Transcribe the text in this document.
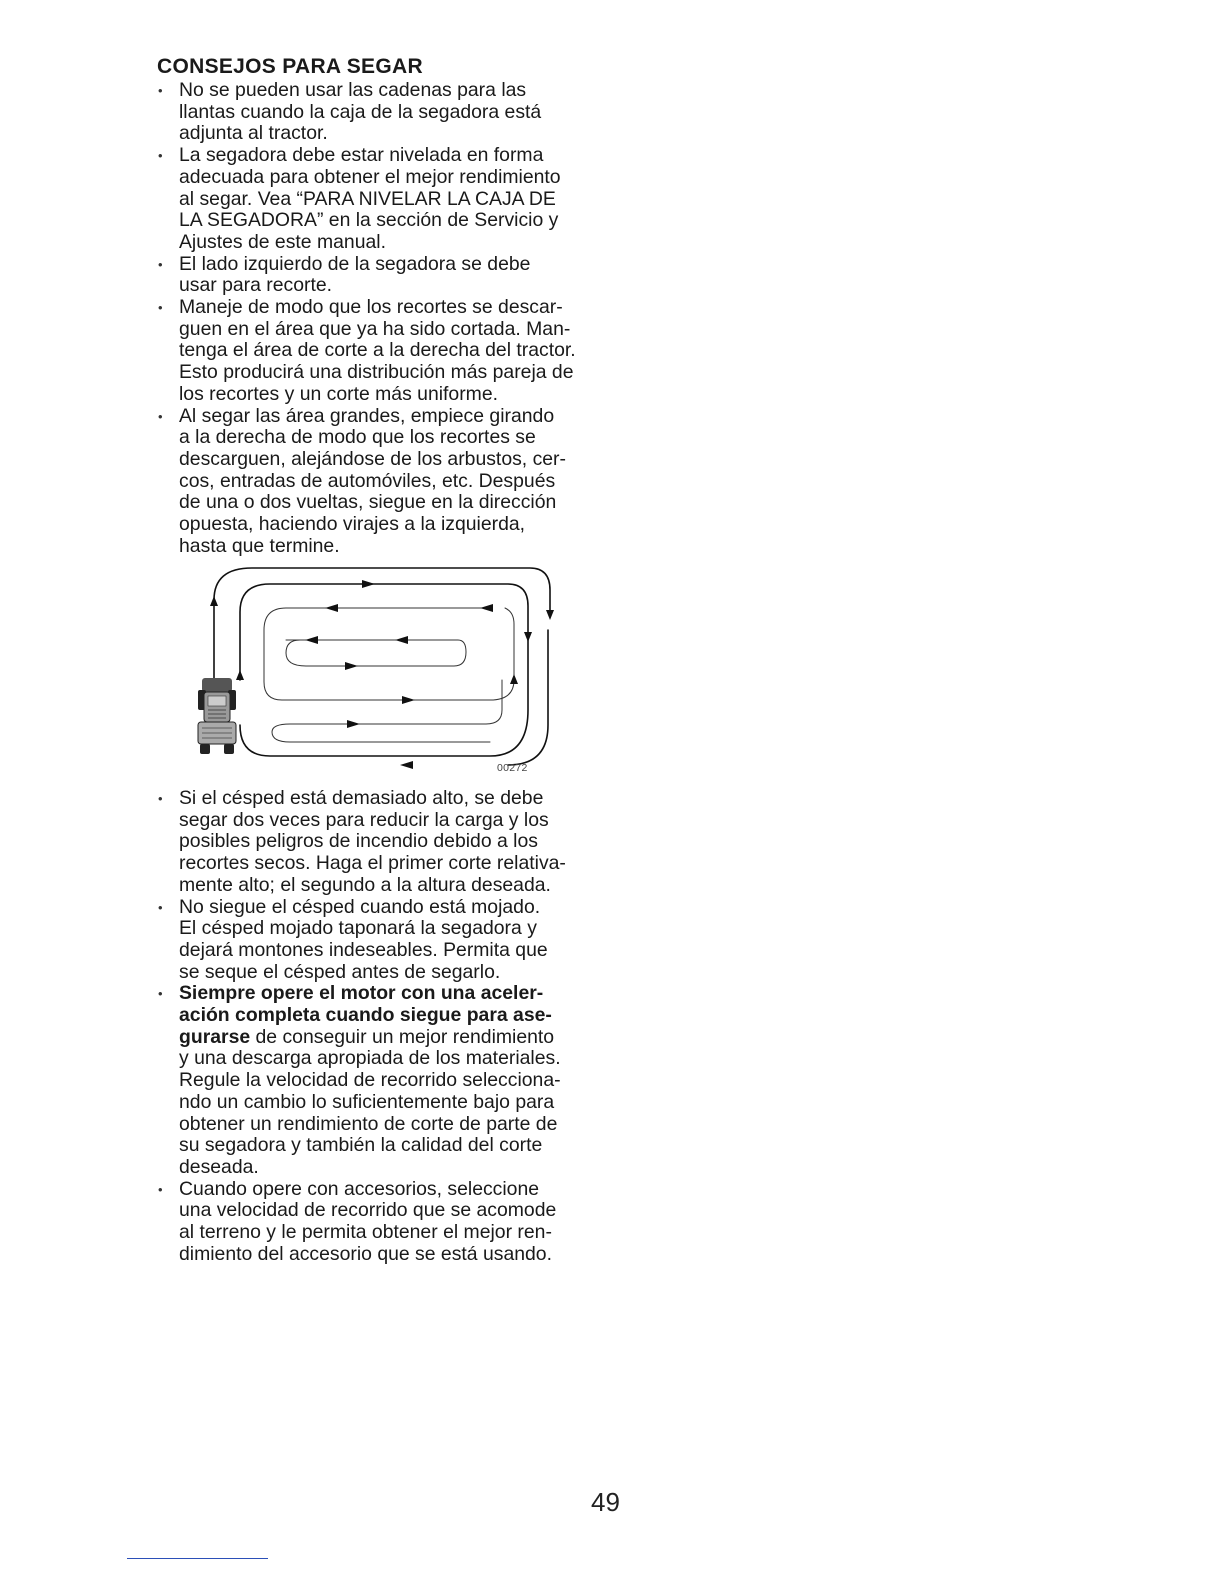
CONSEJOS PARA SEGAR
• No se pueden usar las cadenas para las
llantas cuando la caja de la segadora está
adjunta al tractor.
• La segadora debe estar nivelada en forma
adecuada para obtener el mejor rendimiento
al segar. Vea “PARA NIVELAR LA CAJA DE
LA SEGADORA” en la sección de Servicio y
Ajustes de este manual.
• El lado izquierdo de la segadora se debe
usar para recorte.
• Maneje de modo que los recortes se descar-
guen en el área que ya ha sido cortada. Man-
tenga el área de corte a la derecha del tractor.
Esto producirá una distribución más pareja de
los recortes y un corte más uniforme.
• Al segar las área grandes, empiece girando
a la derecha de modo que los recortes se
descarguen, alejándose de los arbustos, cer-
cos, entradas de automóviles, etc. Después
de una o dos vueltas, siegue en la dirección
opuesta, haciendo virajes a la izquierda,
hasta que termine.
00272
• Si el césped está demasiado alto, se debe
segar dos veces para reducir la carga y los
posibles peligros de incendio debido a los
recortes secos. Haga el primer corte relativa-
mente alto; el segundo a la altura deseada.
• No siegue el césped cuando está mojado.
El césped mojado taponará la segadora y
dejará montones indeseables. Permita que
se seque el césped antes de segarlo.
• Siempre opere el motor con una aceler-
ación completa cuando siegue para ase-
gurarse de conseguir un mejor rendimiento
y una descarga apropiada de los materiales.
Regule la velocidad de recorrido selecciona-
ndo un cambio lo suficientemente bajo para
obtener un rendimiento de corte de parte de
su segadora y también la calidad del corte
deseada.
• Cuando opere con accesorios, seleccione
una velocidad de recorrido que se acomode
al terreno y le permita obtener el mejor ren-
dimiento del accesorio que se está usando.
49
